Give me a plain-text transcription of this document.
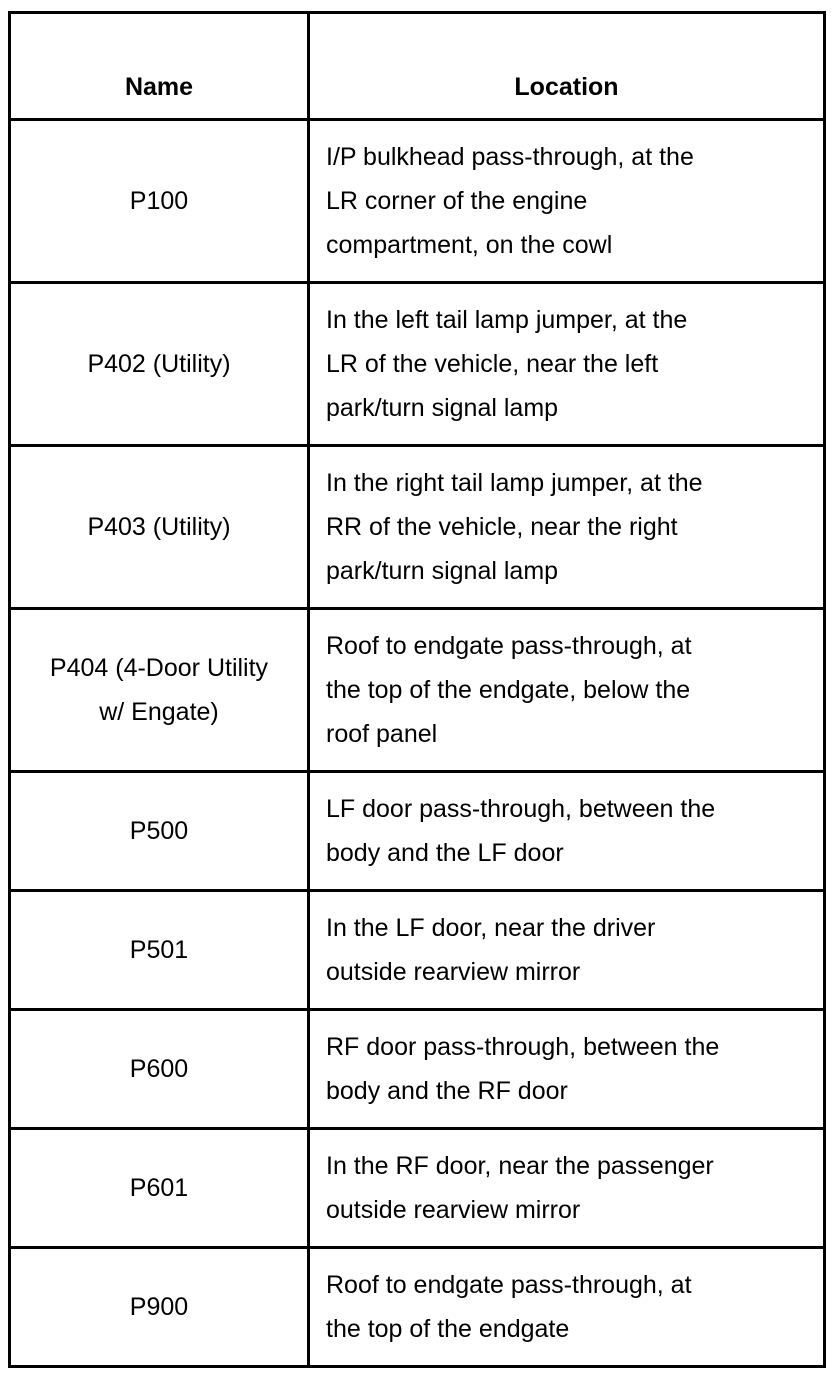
Name	Location
P100	I/P bulkhead pass-through, at the
LR corner of the engine
compartment, on the cowl
P402 (Utility)	In the left tail lamp jumper, at the
LR of the vehicle, near the left
park/turn signal lamp
P403 (Utility)	In the right tail lamp jumper, at the
RR of the vehicle, near the right
park/turn signal lamp
P404 (4-Door Utility
w/ Engate)	Roof to endgate pass-through, at
the top of the endgate, below the
roof panel
P500	LF door pass-through, between the
body and the LF door
P501	In the LF door, near the driver
outside rearview mirror
P600	RF door pass-through, between the
body and the RF door
P601	In the RF door, near the passenger
outside rearview mirror
P900	Roof to endgate pass-through, at
the top of the endgate
